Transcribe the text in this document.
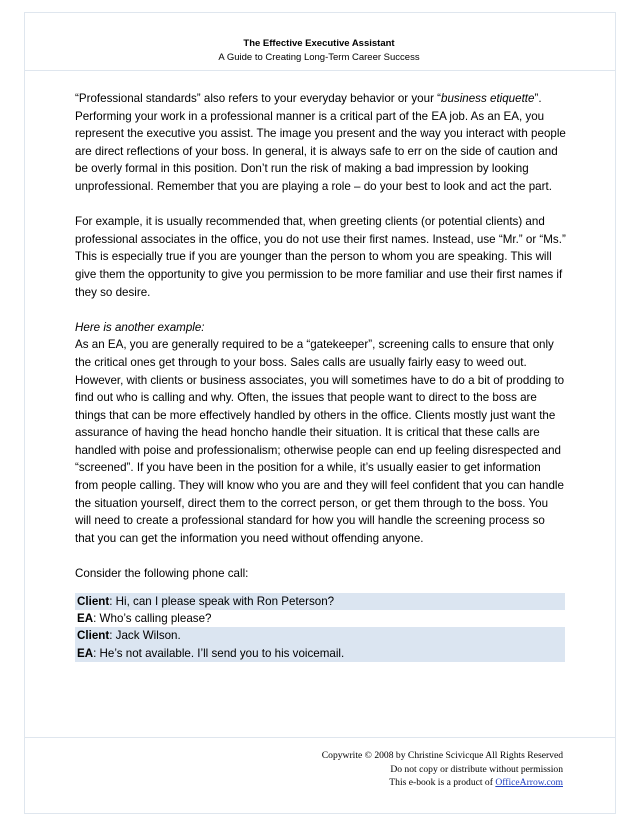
The Effective Executive Assistant
A Guide to Creating Long-Term Career Success

“Professional standards” also refers to your everyday behavior or your “business etiquette”. Performing your work in a professional manner is a critical part of the EA job. As an EA, you represent the executive you assist. The image you present and the way you interact with people are direct reflections of your boss. In general, it is always safe to err on the side of caution and be overly formal in this position. Don’t run the risk of making a bad impression by looking unprofessional. Remember that you are playing a role – do your best to look and act the part.

For example, it is usually recommended that, when greeting clients (or potential clients) and professional associates in the office, you do not use their first names. Instead, use “Mr.” or “Ms.” This is especially true if you are younger than the person to whom you are speaking. This will give them the opportunity to give you permission to be more familiar and use their first names if they so desire.

Here is another example:

As an EA, you are generally required to be a “gatekeeper”, screening calls to ensure that only the critical ones get through to your boss. Sales calls are usually fairly easy to weed out. However, with clients or business associates, you will sometimes have to do a bit of prodding to find out who is calling and why. Often, the issues that people want to direct to the boss are things that can be more effectively handled by others in the office. Clients mostly just want the assurance of having the head honcho handle their situation. It is critical that these calls are handled with poise and professionalism; otherwise people can end up feeling disrespected and “screened”. If you have been in the position for a while, it’s usually easier to get information from people calling. They will know who you are and they will feel confident that you can handle the situation yourself, direct them to the correct person, or get them through to the boss. You will need to create a professional standard for how you will handle the screening process so that you can get the information you need without offending anyone.

Consider the following phone call:

Client: Hi, can I please speak with Ron Peterson?
EA: Who’s calling please?
Client: Jack Wilson.
EA: He’s not available. I’ll send you to his voicemail.
Copywrite © 2008 by Christine Scivicque All Rights Reserved
Do not copy or distribute without permission
This e-book is a product of OfficeArrow.com
